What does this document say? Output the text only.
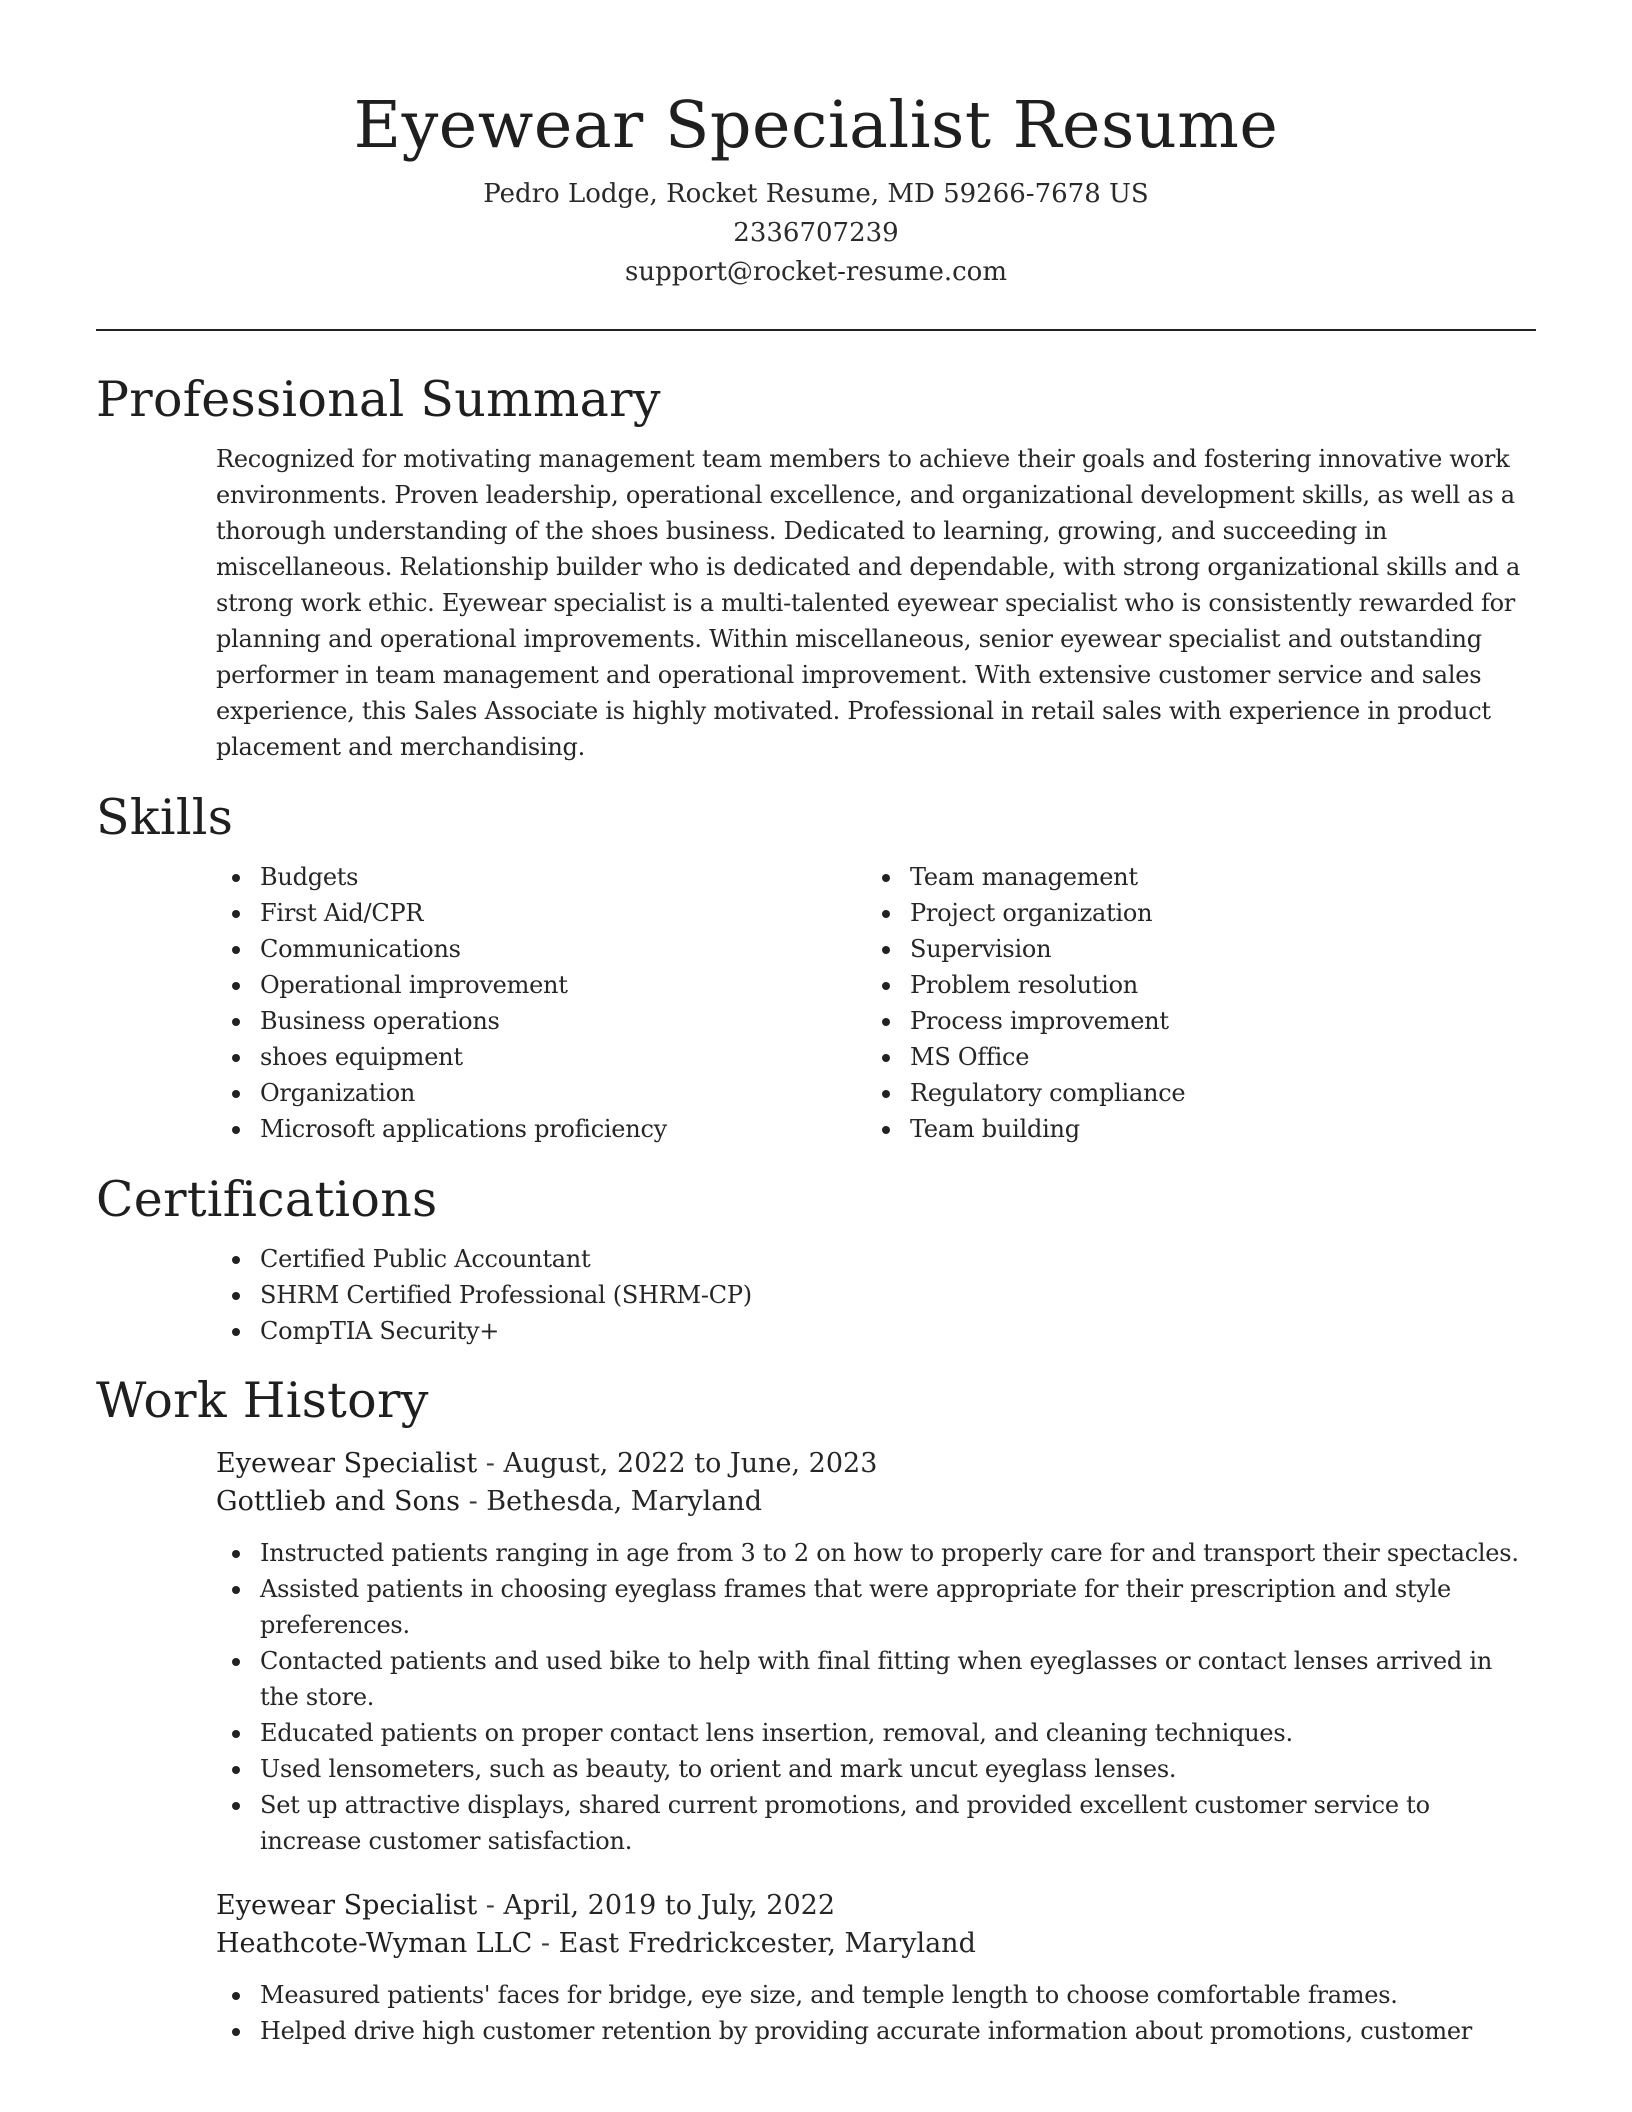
Eyewear Specialist Resume
Pedro Lodge, Rocket Resume, MD 59266-7678 US
2336707239
support@rocket-resume.com
Professional Summary

Recognized for motivating management team members to achieve their goals and fostering innovative work environments. Proven leadership, operational excellence, and organizational development skills, as well as a thorough understanding of the shoes business. Dedicated to learning, growing, and succeeding in miscellaneous. Relationship builder who is dedicated and dependable, with strong organizational skills and a strong work ethic. Eyewear specialist is a multi-talented eyewear specialist who is consistently rewarded for planning and operational improvements. Within miscellaneous, senior eyewear specialist and outstanding performer in team management and operational improvement. With extensive customer service and sales experience, this Sales Associate is highly motivated. Professional in retail sales with experience in product placement and merchandising.

Skills
Budgets
First Aid/CPR
Communications
Operational improvement
Business operations
shoes equipment
Organization
Microsoft applications proficiency
Team management
Project organization
Supervision
Problem resolution
Process improvement
MS Office
Regulatory compliance
Team building
Certifications
Certified Public Accountant
SHRM Certified Professional (SHRM-CP)
CompTIA Security+
Work History
Eyewear Specialist - August, 2022 to June, 2023
Gottlieb and Sons - Bethesda, Maryland
Instructed patients ranging in age from 3 to 2 on how to properly care for and transport their spectacles.
Assisted patients in choosing eyeglass frames that were appropriate for their prescription and style preferences.
Contacted patients and used bike to help with final fitting when eyeglasses or contact lenses arrived in the store.
Educated patients on proper contact lens insertion, removal, and cleaning techniques.
Used lensometers, such as beauty, to orient and mark uncut eyeglass lenses.
Set up attractive displays, shared current promotions, and provided excellent customer service to increase customer satisfaction.
Eyewear Specialist - April, 2019 to July, 2022
Heathcote-Wyman LLC - East Fredrickcester, Maryland
Measured patients' faces for bridge, eye size, and temple length to choose comfortable frames.
Helped drive high customer retention by providing accurate information about promotions, customer
